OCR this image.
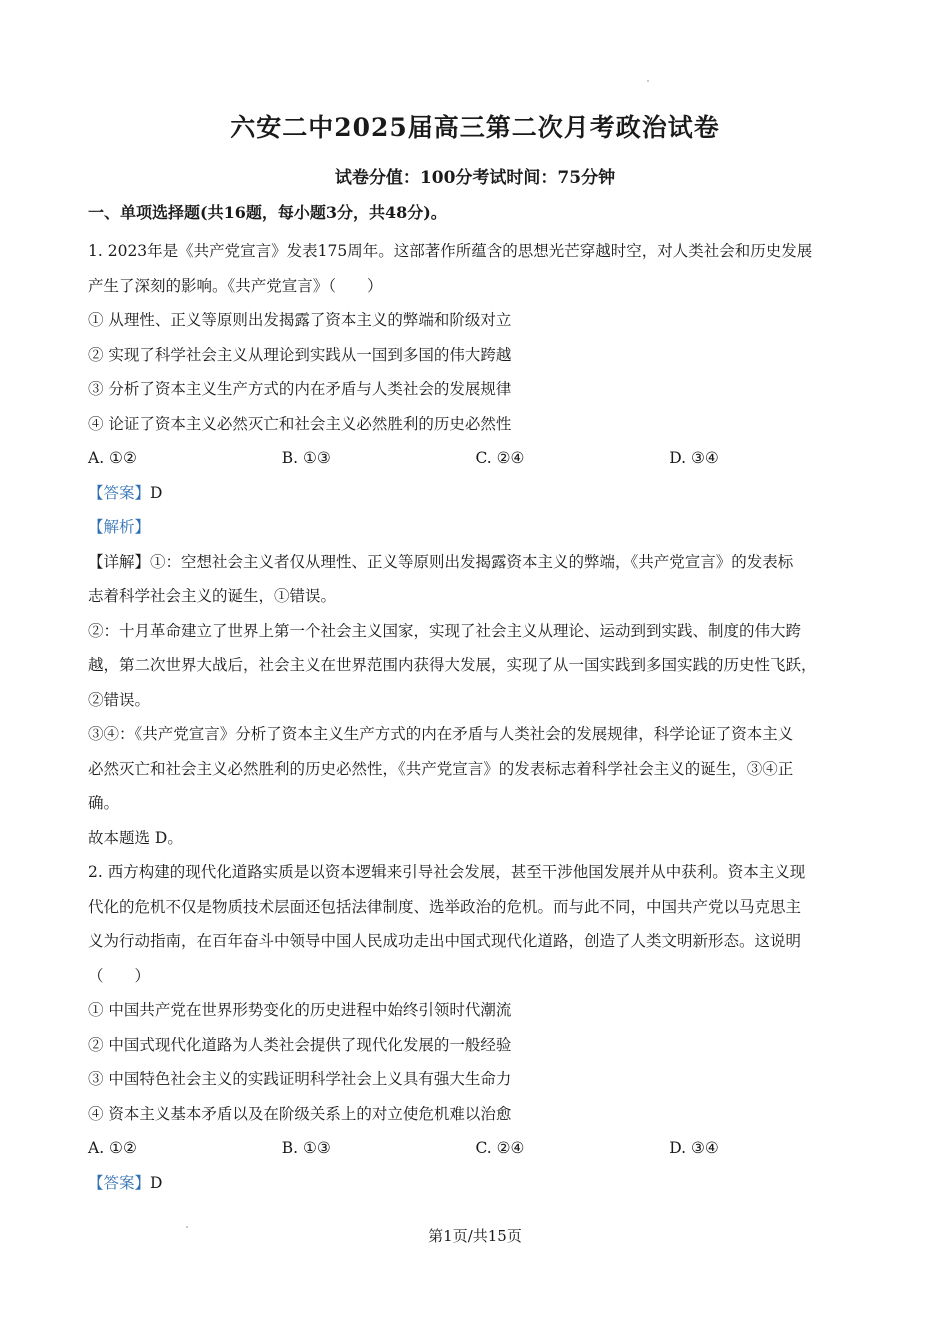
六安二中2025届高三第二次月考政治试卷
试卷分值：100分考试时间：75分钟
一、单项选择题(共16题，每小题3分，共48分)。

1. 2023年是《共产党宣言》发表175周年。这部著作所蕴含的思想光芒穿越时空，对人类社会和历史发展

产生了深刻的影响。《共产党宣言》（　　）

① 从理性、正义等原则出发揭露了资本主义的弊端和阶级对立

② 实现了科学社会主义从理论到实践从一国到多国的伟大跨越

③ 分析了资本主义生产方式的内在矛盾与人类社会的发展规律

④ 论证了资本主义必然灭亡和社会主义必然胜利的历史必然性

A. ①②	B. ①③	C. ②④	D. ③④

【答案】D

【解析】

【详解】①：空想社会主义者仅从理性、正义等原则出发揭露资本主义的弊端，《共产党宣言》的发表标

志着科学社会主义的诞生，①错误。

②：十月革命建立了世界上第一个社会主义国家，实现了社会主义从理论、运动到到实践、制度的伟大跨

越，第二次世界大战后，社会主义在世界范围内获得大发展，实现了从一国实践到多国实践的历史性飞跃，

②错误。

③④：《共产党宣言》分析了资本主义生产方式的内在矛盾与人类社会的发展规律，科学论证了资本主义

必然灭亡和社会主义必然胜利的历史必然性，《共产党宣言》的发表标志着科学社会主义的诞生，③④正

确。

故本题选 D。

2. 西方构建的现代化道路实质是以资本逻辑来引导社会发展，甚至干涉他国发展并从中获利。资本主义现

代化的危机不仅是物质技术层面还包括法律制度、选举政治的危机。而与此不同，中国共产党以马克思主

义为行动指南，在百年奋斗中领导中国人民成功走出中国式现代化道路，创造了人类文明新形态。这说明

（　　）

① 中国共产党在世界形势变化的历史进程中始终引领时代潮流

② 中国式现代化道路为人类社会提供了现代化发展的一般经验

③ 中国特色社会主义的实践证明科学社会上义具有强大生命力

④ 资本主义基本矛盾以及在阶级关系上的对立使危机难以治愈

A. ①②	B. ①③	C. ②④	D. ③④

【答案】D

第1页/共15页
